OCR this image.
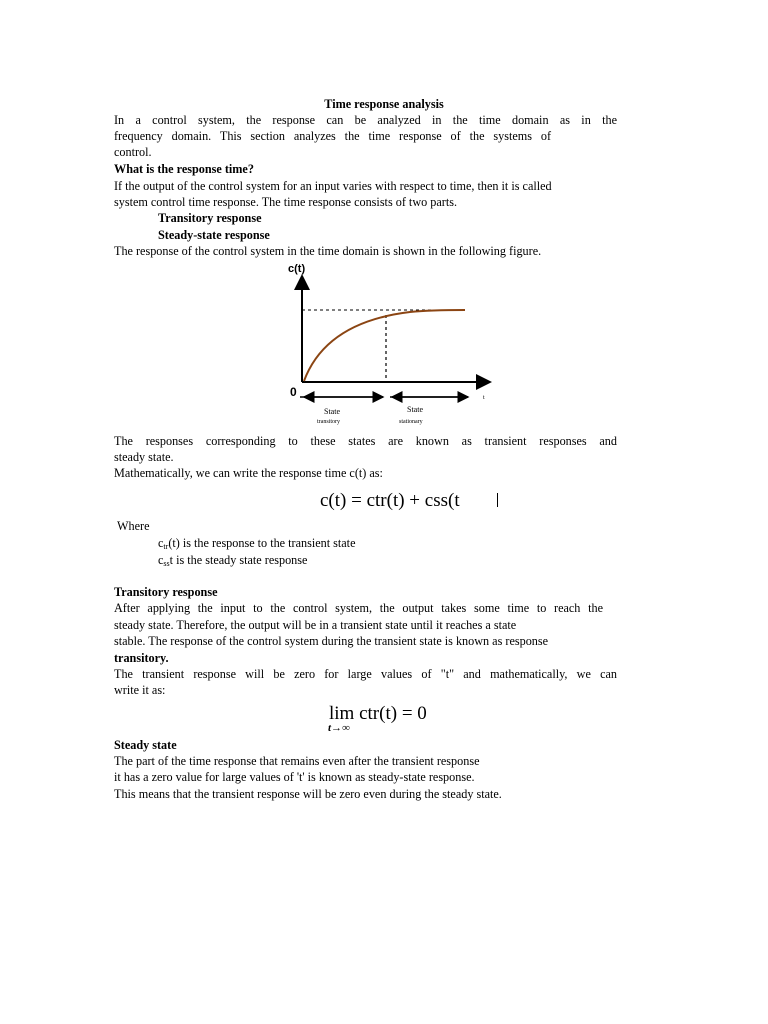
Time response analysis
In a control system, the response can be analyzed in the time domain as in the
frequency domain. This section analyzes the time response of the systems of
control.
What is the response time?
If the output of the control system for an input varies with respect to time, then it is called
system control time response. The time response consists of two parts.
Transitory response
Steady-state response
The response of the control system in the time domain is shown in the following figure.
c(t)
0	t
State
transitory
State
stationary
The responses corresponding to these states are known as transient responses and
steady state.
Mathematically, we can write the response time c(t) as:
c(t) = ctr(t) + css(t
Where
$c_{tr}(t)$ is the response to the transient state
$c_{ss}t$ is the steady state response
Transitory response
After applying the input to the control system, the output takes some time to reach the
steady state. Therefore, the output will be in a transient state until it reaches a state
stable. The response of the control system during the transient state is known as response
transitory.
The transient response will be zero for large values of "t" and mathematically, we can
write it as:
lim ctr(t) = 0
t→∞
Steady state
The part of the time response that remains even after the transient response
it has a zero value for large values of 't' is known as steady-state response.
This means that the transient response will be zero even during the steady state.
